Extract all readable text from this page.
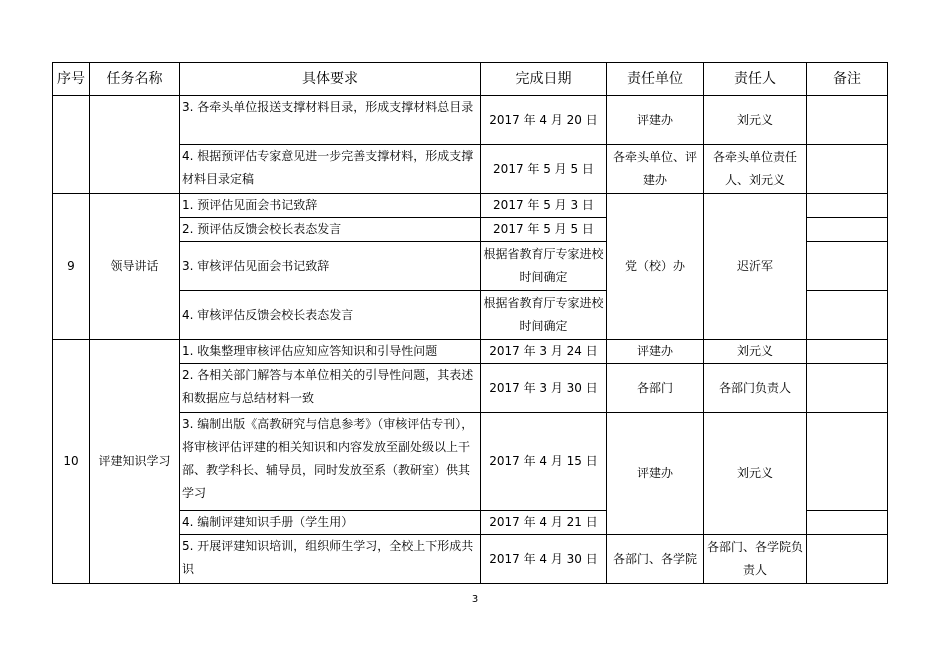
序号	任务名称	具体要求	完成日期	责任单位	责任人	备注
		3. 各牵头单位报送支撑材料目录，形成支撑材料总目录	2017 年 4 月 20 日	评建办	刘元义	
		4. 根据预评估专家意见进一步完善支撑材料，形成支撑材料目录定稿	2017 年 5 月 5 日	各牵头单位、评建办	各牵头单位责任人、刘元义	
9	领导讲话	1. 预评估见面会书记致辞	2017 年 5 月 3 日	党（校）办	迟沂军	
		2. 预评估反馈会校长表态发言	2017 年 5 月 5 日			
		3. 审核评估见面会书记致辞	根据省教育厅专家进校时间确定			
		4. 审核评估反馈会校长表态发言	根据省教育厅专家进校时间确定			
10	评建知识学习	1. 收集整理审核评估应知应答知识和引导性问题	2017 年 3 月 24 日	评建办	刘元义	
		2. 各相关部门解答与本单位相关的引导性问题，其表述和数据应与总结材料一致	2017 年 3 月 30 日	各部门	各部门负责人	
		3. 编制出版《高教研究与信息参考》（审核评估专刊），将审核评估评建的相关知识和内容发放至副处级以上干部、教学科长、辅导员，同时发放至系（教研室）供其学习	2017 年 4 月 15 日	评建办	刘元义	
		4. 编制评建知识手册（学生用）	2017 年 4 月 21 日			
		5. 开展评建知识培训，组织师生学习，全校上下形成共识	2017 年 4 月 30 日	各部门、各学院	各部门、各学院负责人	
3
